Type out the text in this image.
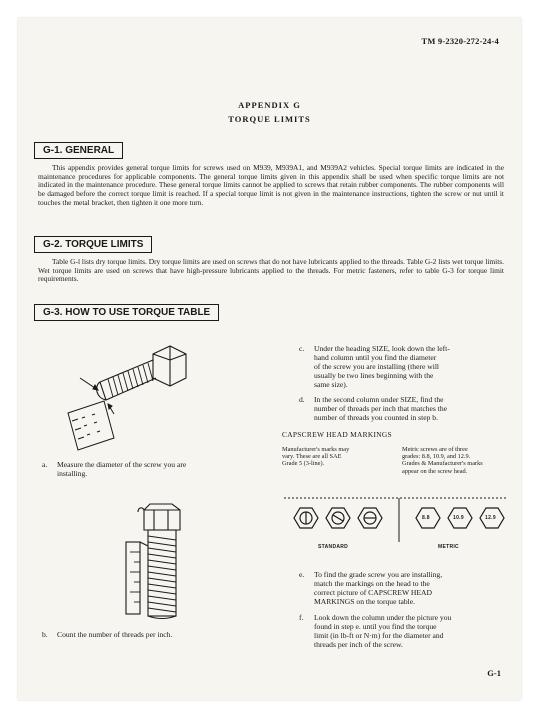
TM 9-2320-272-24-4
APPENDIX G
TORQUE LIMITS
G-1. GENERAL
This appendix provides general torque limits for screws used on M939, M939A1, and M939A2 vehicles. Special torque limits are indicated in the maintenance procedures for applicable components. The general torque limits given in this appendix shall be used when specific torque limits are not indicated in the maintenance procedure. These general torque limits cannot be applied to screws that retain rubber components. The rubber components will be damaged before the correct torque limit is reached. If a special torque limit is not given in the maintenance instructions, tighten the screw or nut until it touches the metal bracket, then tighten it one more turn.
G-2. TORQUE LIMITS
Table G-l lists dry torque limits. Dry torque limits are used on screws that do not have lubricants applied to the threads. Table G-2 lists wet torque limits. Wet torque limits are used on screws that have high-pressure lubricants applied to the threads. For metric fasteners, refer to table G-3 for torque limit requirements.
G-3. HOW TO USE TORQUE TABLE
a. Measure the diameter of the screw you are
installing.
b. Count the number of threads per inch.
c. Under the heading SIZE, look down the left-
hand column until you find the diameter
of the screw you are installing (there will
usually be two lines beginning with the
same size).
d. In the second column under SIZE, find the
number of threads per inch that matches the
number of threads you counted in step b.
CAPSCREW HEAD MARKINGS
Manufacturer's marks may
vary. These are all SAE
Grade 5 (3-line).
Metric screws are of three
grades: 8.8, 10.9, and 12.9.
Grades & Manufacturer's marks
appear on the screw head.
8.8	10.9	12.9
STANDARD	METRIC
e. To find the grade screw you are installing,
match the markings on the head to the
correct picture of CAPSCREW HEAD
MARKINGS on the torque table.
f. Look down the column under the picture you
found in step e. until you find the torque
limit (in lb-ft or N·m) for the diameter and
threads per inch of the screw.
G-1
